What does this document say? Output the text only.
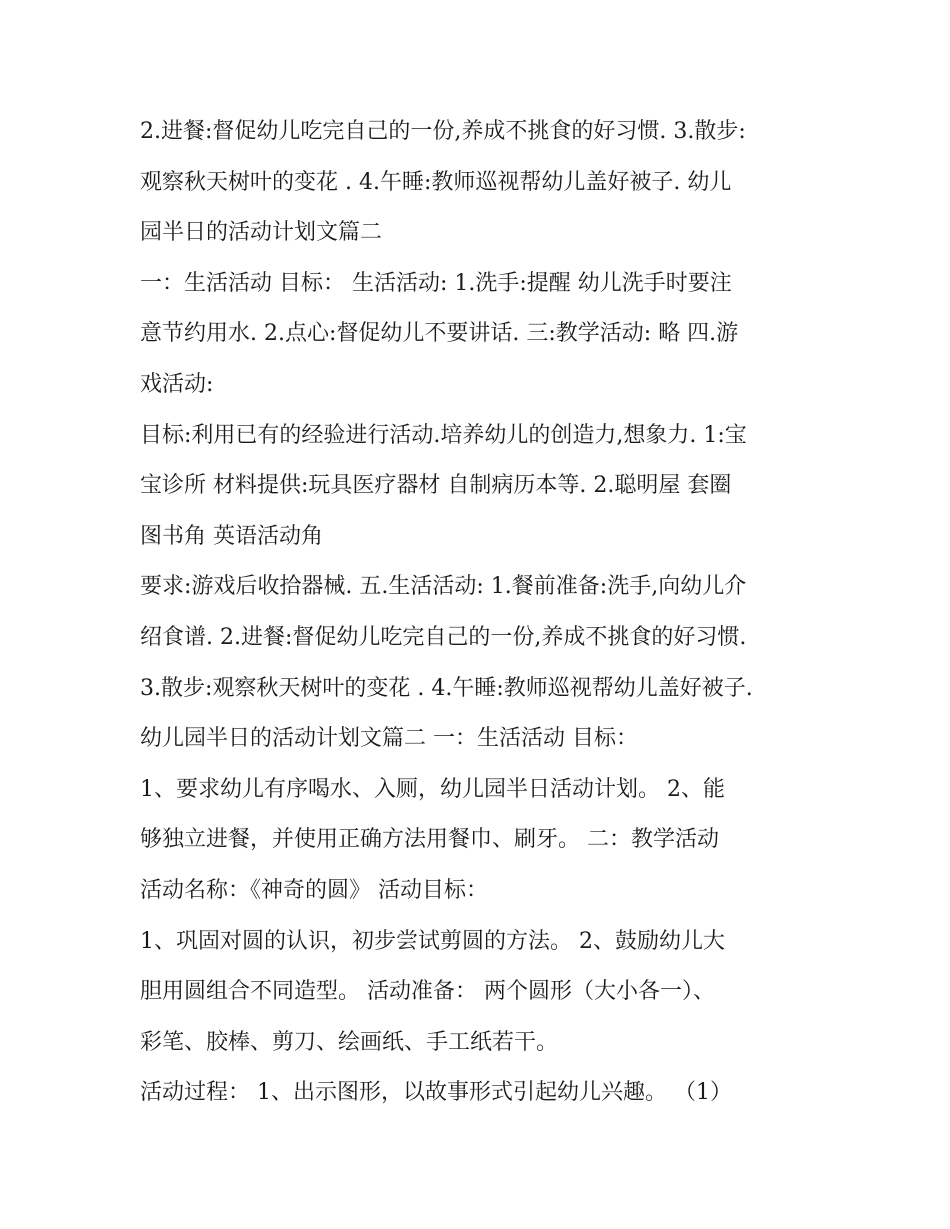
2.进餐:督促幼儿吃完自己的一份,养成不挑食的好习惯. 3.散步:
观察秋天树叶的变花 . 4.午睡:教师巡视帮幼儿盖好被子. 幼儿
园半日的活动计划文篇二
一：生活活动 目标： 生活活动: 1.洗手:提醒 幼儿洗手时要注
意节约用水. 2.点心:督促幼儿不要讲话. 三:教学活动: 略 四.游
戏活动:
目标:利用已有的经验进行活动.培养幼儿的创造力,想象力. 1:宝
宝诊所 材料提供:玩具医疗器材 自制病历本等. 2.聪明屋 套圈
图书角 英语活动角
要求:游戏后收拾器械. 五.生活活动: 1.餐前准备:洗手,向幼儿介
绍食谱. 2.进餐:督促幼儿吃完自己的一份,养成不挑食的好习惯.
3.散步:观察秋天树叶的变花 . 4.午睡:教师巡视帮幼儿盖好被子.
幼儿园半日的活动计划文篇二 一：生活活动 目标：
1、要求幼儿有序喝水、入厕，幼儿园半日活动计划。 2、能
够独立进餐，并使用正确方法用餐巾、刷牙。 二：教学活动
活动名称：《神奇的圆》 活动目标：
1、巩固对圆的认识，初步尝试剪圆的方法。 2、鼓励幼儿大
胆用圆组合不同造型。 活动准备： 两个圆形（大小各一）、
彩笔、胶棒、剪刀、绘画纸、手工纸若干。
活动过程： 1、出示图形，以故事形式引起幼儿兴趣。 （1）
